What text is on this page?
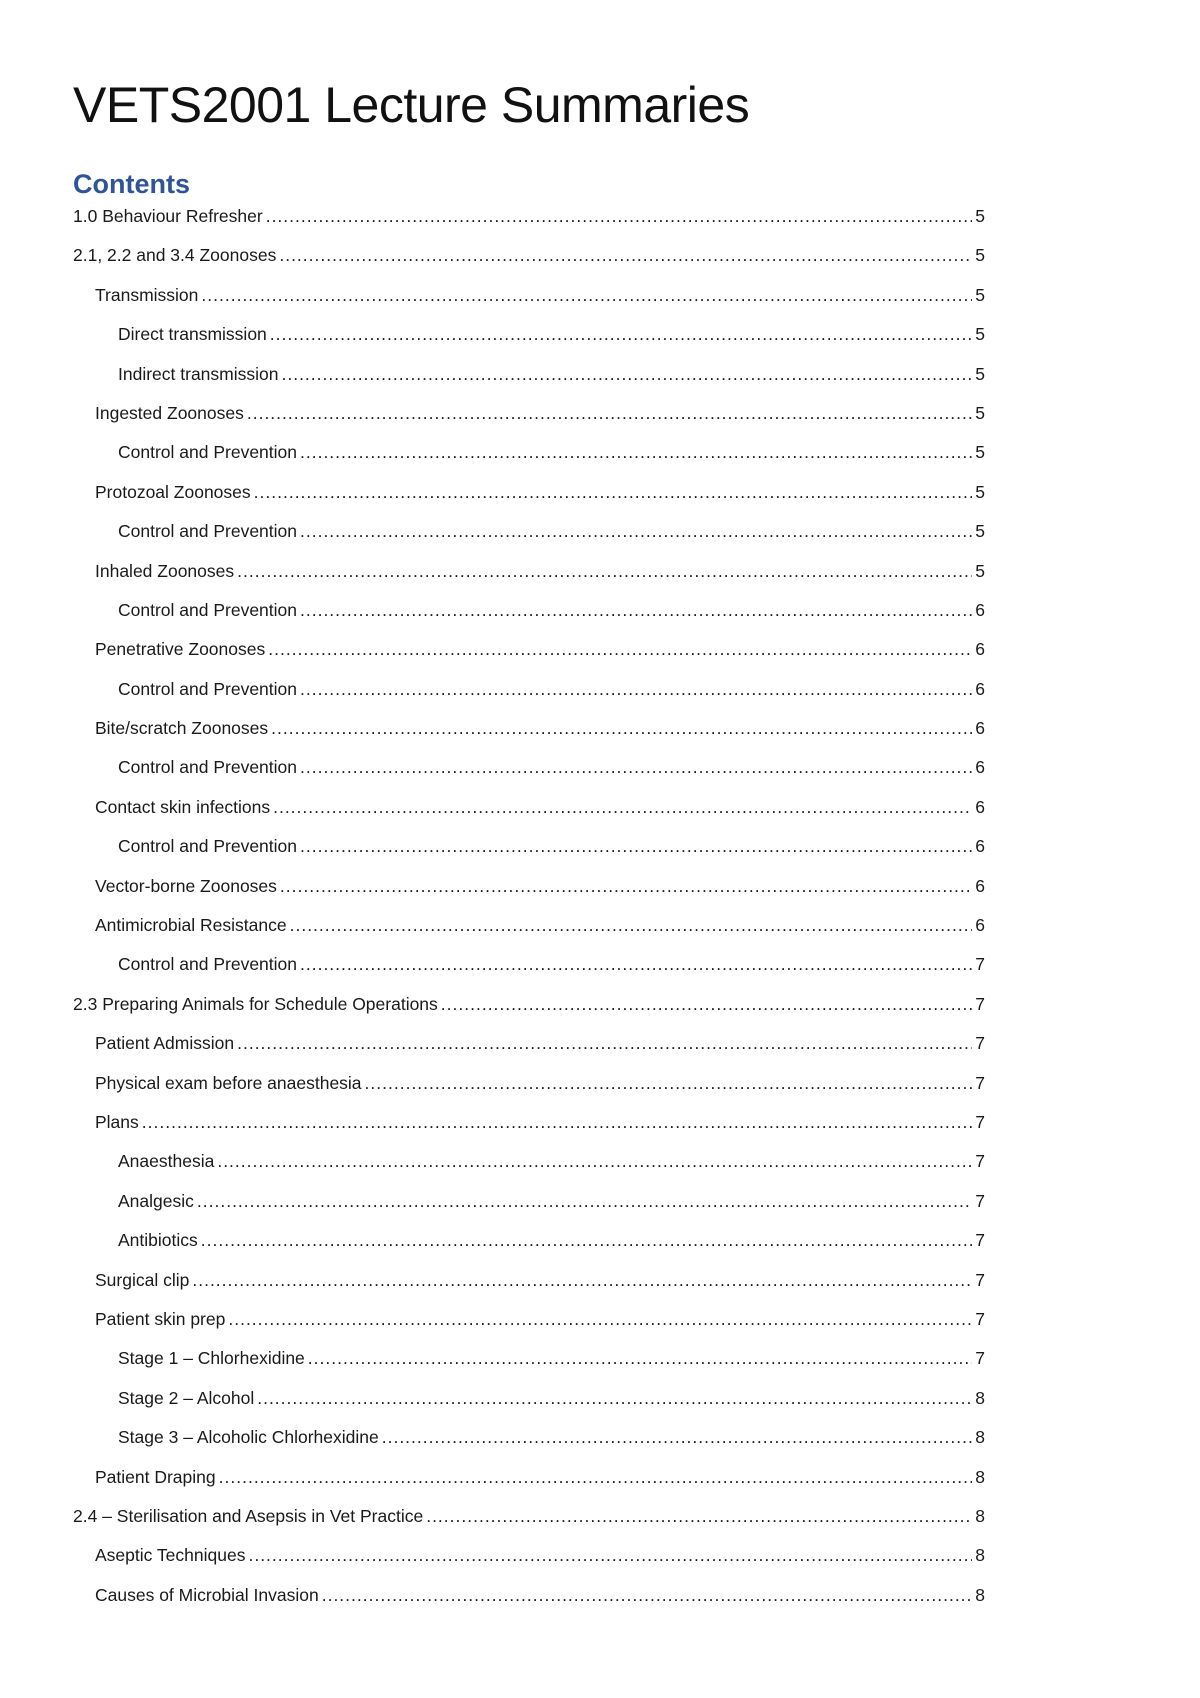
VETS2001 Lecture Summaries
Contents
1.0 Behaviour Refresher .....	5
2.1, 2.2 and 3.4 Zoonoses .....	5
Transmission .....	5
Direct transmission .....	5
Indirect transmission .....	5
Ingested Zoonoses .....	5
Control and Prevention .....	5
Protozoal Zoonoses .....	5
Control and Prevention .....	5
Inhaled Zoonoses .....	5
Control and Prevention .....	6
Penetrative Zoonoses .....	6
Control and Prevention .....	6
Bite/scratch Zoonoses .....	6
Control and Prevention .....	6
Contact skin infections .....	6
Control and Prevention .....	6
Vector-borne Zoonoses .....	6
Antimicrobial Resistance .....	6
Control and Prevention .....	7
2.3 Preparing Animals for Schedule Operations .....	7
Patient Admission .....	7
Physical exam before anaesthesia .....	7
Plans .....	7
Anaesthesia .....	7
Analgesic .....	7
Antibiotics .....	7
Surgical clip .....	7
Patient skin prep .....	7
Stage 1 – Chlorhexidine .....	7
Stage 2 – Alcohol .....	8
Stage 3 – Alcoholic Chlorhexidine .....	8
Patient Draping .....	8
2.4 – Sterilisation and Asepsis in Vet Practice .....	8
Aseptic Techniques .....	8
Causes of Microbial Invasion .....	8
